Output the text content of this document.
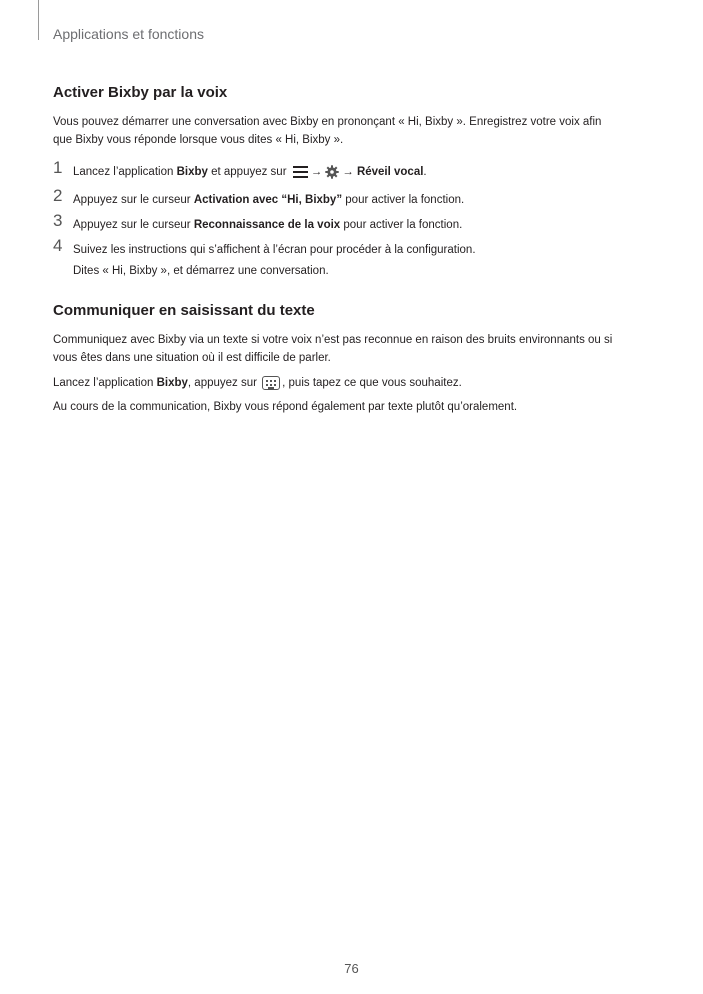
Applications et fonctions
Activer Bixby par la voix
Vous pouvez démarrer une conversation avec Bixby en prononçant « Hi, Bixby ». Enregistrez votre voix afin
que Bixby vous réponde lorsque vous dites « Hi, Bixby ».
1 Lancez l’application Bixby et appuyez sur
→ → Réveil vocal.
2 Appuyez sur le curseur Activation avec “Hi, Bixby” pour activer la fonction.
3 Appuyez sur le curseur Reconnaissance de la voix pour activer la fonction.
4 Suivez les instructions qui s’affichent à l’écran pour procéder à la configuration.
Dites « Hi, Bixby », et démarrez une conversation.
Communiquer en saisissant du texte
Communiquez avec Bixby via un texte si votre voix n’est pas reconnue en raison des bruits environnants ou si
vous êtes dans une situation où il est difficile de parler.
Lancez l’application Bixby, appuyez sur
, puis tapez ce que vous souhaitez.
Au cours de la communication, Bixby vous répond également par texte plutôt qu’oralement.
76
